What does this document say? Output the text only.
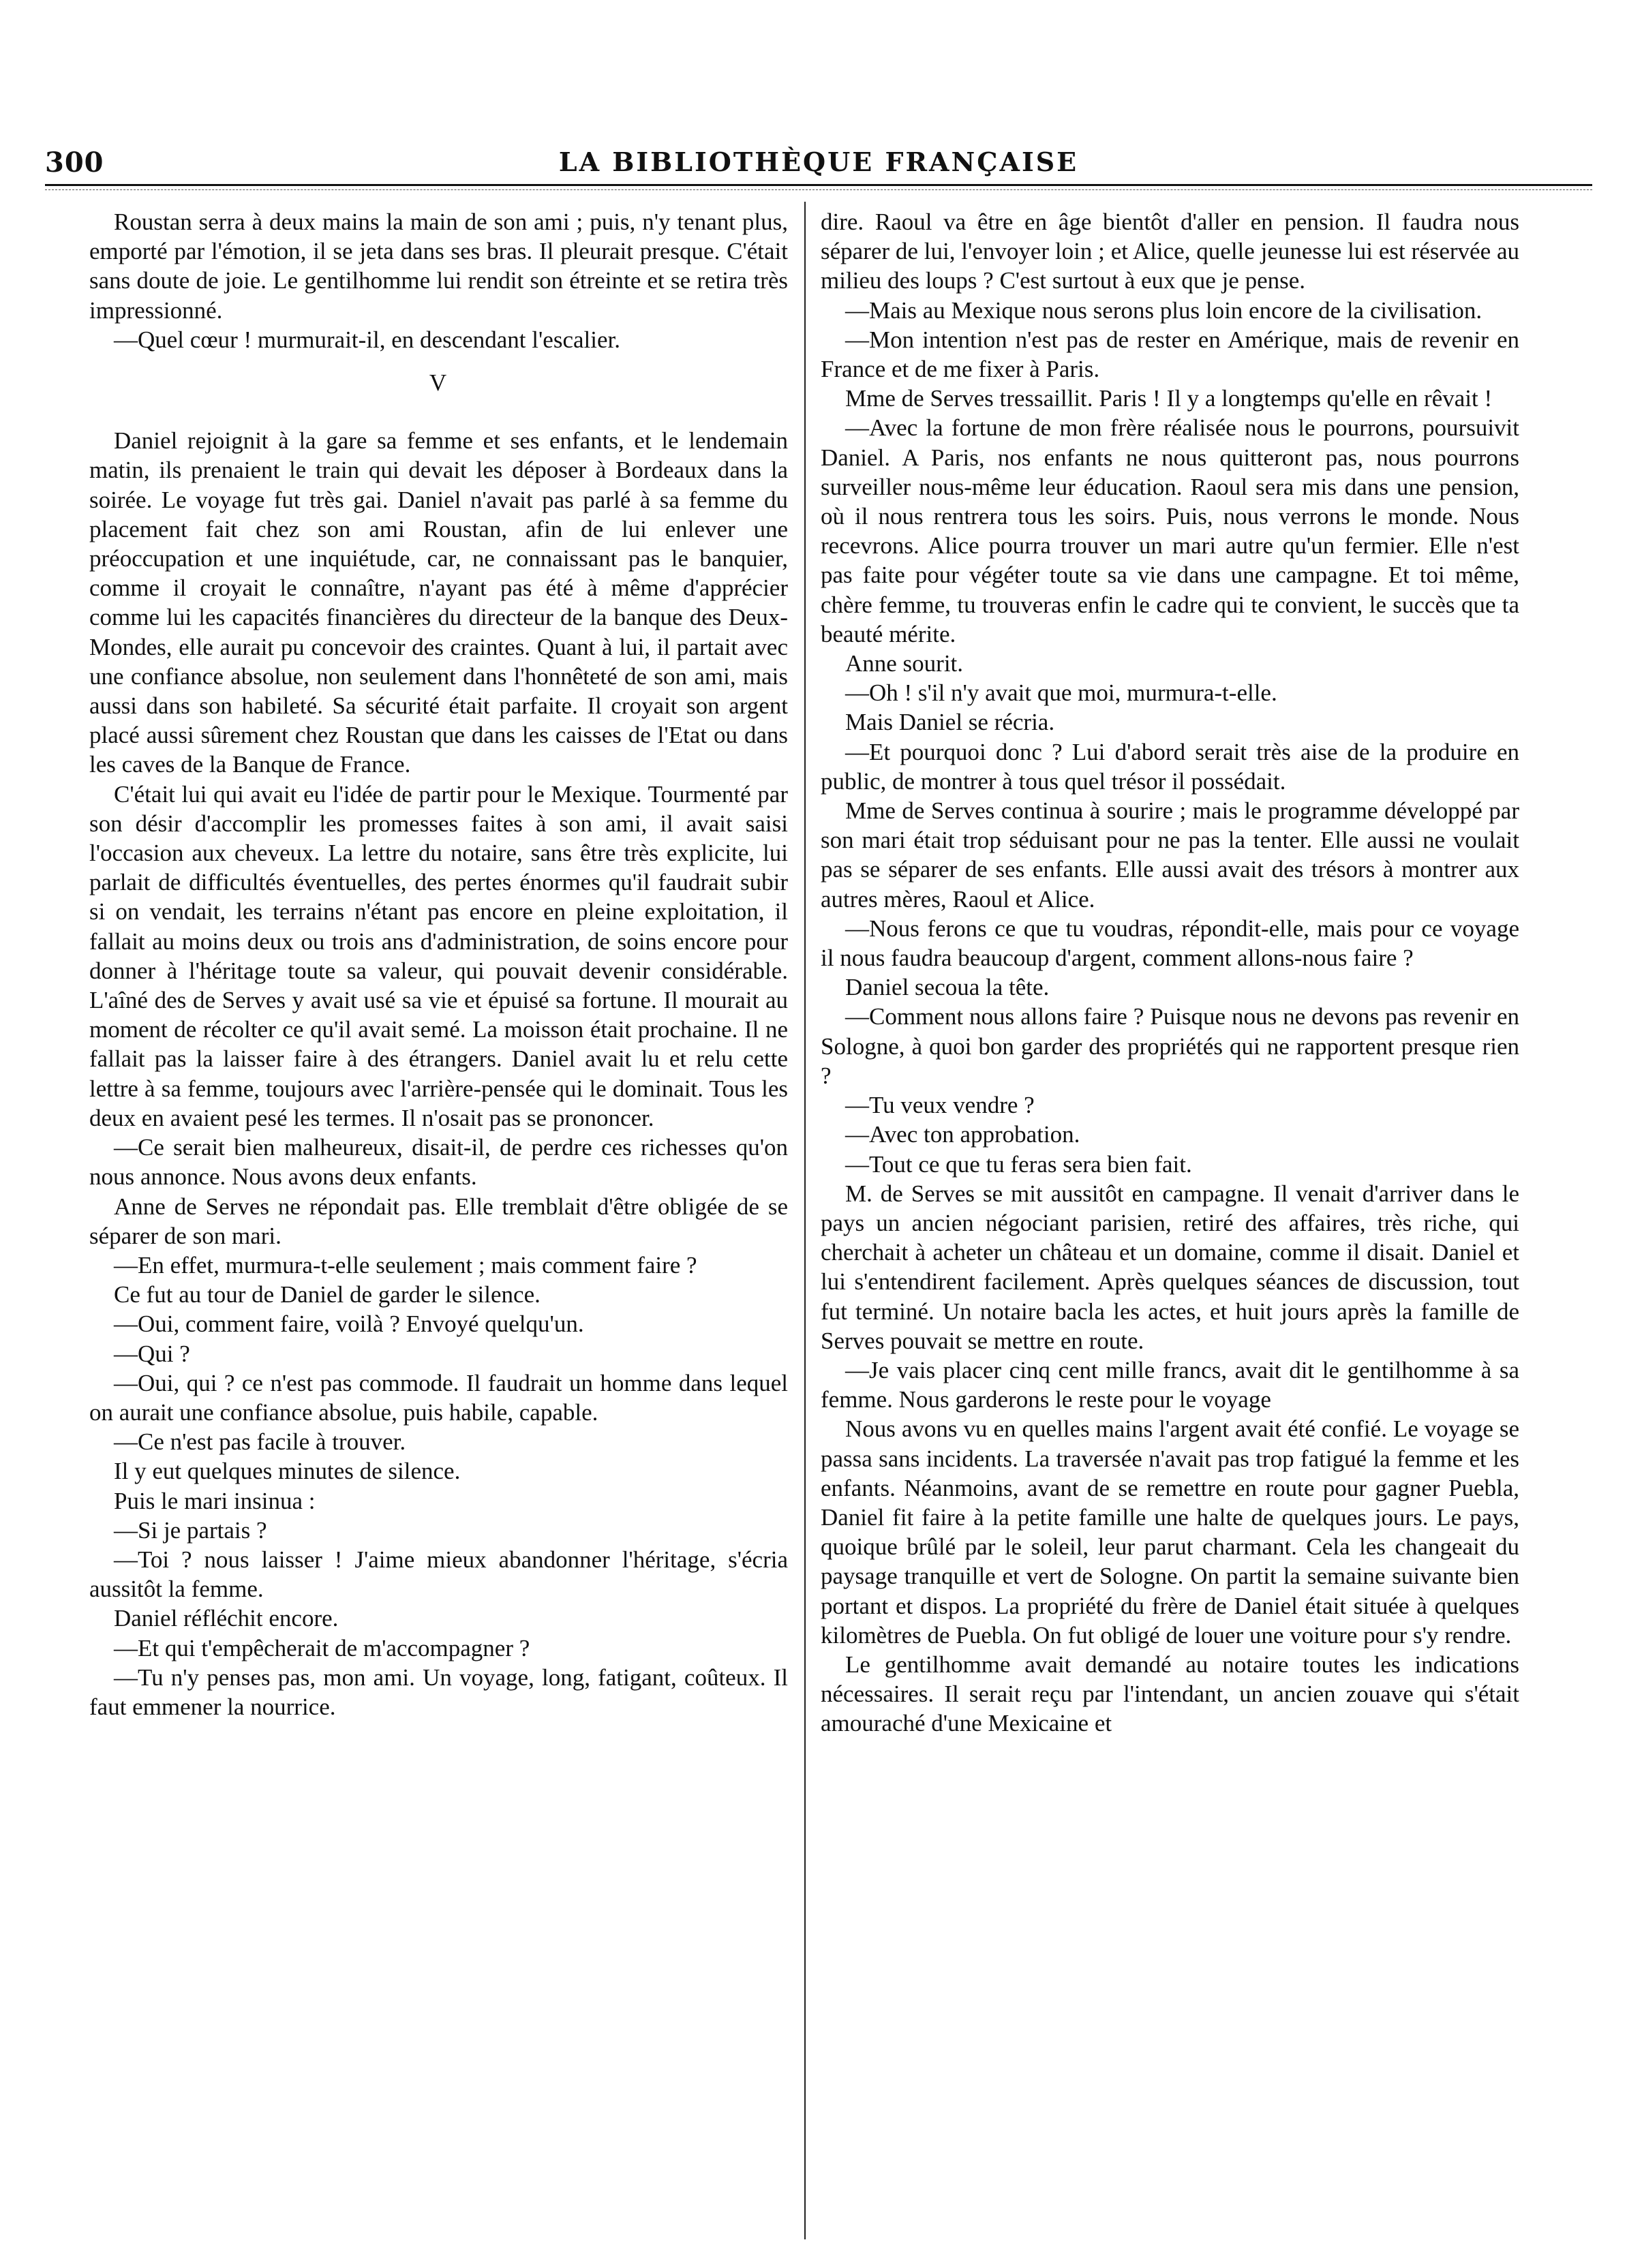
300	LA BIBLIOTHÈQUE FRANÇAISE

Roustan serra à deux mains la main de son ami ; puis, n'y tenant plus, emporté par l'émotion, il se jeta dans ses bras. Il pleurait presque. C'était sans doute de joie. Le gentilhomme lui rendit son étreinte et se retira très impressionné.

—Quel cœur ! murmurait-il, en descendant l'escalier.

V

Daniel rejoignit à la gare sa femme et ses enfants, et le lendemain matin, ils prenaient le train qui devait les déposer à Bordeaux dans la soirée. Le voyage fut très gai. Daniel n'avait pas parlé à sa femme du placement fait chez son ami Roustan, afin de lui enlever une préoccupation et une inquiétude, car, ne connaissant pas le banquier, comme il croyait le connaître, n'ayant pas été à même d'apprécier comme lui les capacités financières du directeur de la banque des Deux-Mondes, elle aurait pu concevoir des craintes. Quant à lui, il partait avec une confiance absolue, non seulement dans l'honnêteté de son ami, mais aussi dans son habileté. Sa sécurité était parfaite. Il croyait son argent placé aussi sûrement chez Roustan que dans les caisses de l'Etat ou dans les caves de la Banque de France.

C'était lui qui avait eu l'idée de partir pour le Mexique. Tourmenté par son désir d'accomplir les promesses faites à son ami, il avait saisi l'occasion aux cheveux. La lettre du notaire, sans être très explicite, lui parlait de difficultés éventuelles, des pertes énormes qu'il faudrait subir si on vendait, les terrains n'étant pas encore en pleine exploitation, il fallait au moins deux ou trois ans d'administration, de soins encore pour donner à l'héritage toute sa valeur, qui pouvait devenir considérable. L'aîné des de Serves y avait usé sa vie et épuisé sa fortune. Il mourait au moment de récolter ce qu'il avait semé. La moisson était prochaine. Il ne fallait pas la laisser faire à des étrangers. Daniel avait lu et relu cette lettre à sa femme, toujours avec l'arrière-pensée qui le dominait. Tous les deux en avaient pesé les termes. Il n'osait pas se prononcer.

—Ce serait bien malheureux, disait-il, de perdre ces richesses qu'on nous annonce. Nous avons deux enfants.

Anne de Serves ne répondait pas. Elle tremblait d'être obligée de se séparer de son mari.

—En effet, murmura-t-elle seulement ; mais comment faire ?

Ce fut au tour de Daniel de garder le silence.

—Oui, comment faire, voilà ? Envoyé quelqu'un.

—Qui ?

—Oui, qui ? ce n'est pas commode. Il faudrait un homme dans lequel on aurait une confiance absolue, puis habile, capable.

—Ce n'est pas facile à trouver.

Il y eut quelques minutes de silence.

Puis le mari insinua :

—Si je partais ?

—Toi ? nous laisser ! J'aime mieux abandonner l'héritage, s'écria aussitôt la femme.

Daniel réfléchit encore.

—Et qui t'empêcherait de m'accompagner ?

—Tu n'y penses pas, mon ami. Un voyage, long, fatigant, coûteux. Il faut emmener la nourrice.

dire. Raoul va être en âge bientôt d'aller en pension. Il faudra nous séparer de lui, l'envoyer loin ; et Alice, quelle jeunesse lui est réservée au milieu des loups ? C'est surtout à eux que je pense.

—Mais au Mexique nous serons plus loin encore de la civilisation.

—Mon intention n'est pas de rester en Amérique, mais de revenir en France et de me fixer à Paris.

Mme de Serves tressaillit. Paris ! Il y a longtemps qu'elle en rêvait !

—Avec la fortune de mon frère réalisée nous le pourrons, poursuivit Daniel. A Paris, nos enfants ne nous quitteront pas, nous pourrons surveiller nous-même leur éducation. Raoul sera mis dans une pension, où il nous rentrera tous les soirs. Puis, nous verrons le monde. Nous recevrons. Alice pourra trouver un mari autre qu'un fermier. Elle n'est pas faite pour végéter toute sa vie dans une campagne. Et toi même, chère femme, tu trouveras enfin le cadre qui te convient, le succès que ta beauté mérite.

Anne sourit.

—Oh ! s'il n'y avait que moi, murmura-t-elle.

Mais Daniel se récria.

—Et pourquoi donc ? Lui d'abord serait très aise de la produire en public, de montrer à tous quel trésor il possédait.

Mme de Serves continua à sourire ; mais le programme développé par son mari était trop séduisant pour ne pas la tenter. Elle aussi ne voulait pas se séparer de ses enfants. Elle aussi avait des trésors à montrer aux autres mères, Raoul et Alice.

—Nous ferons ce que tu voudras, répondit-elle, mais pour ce voyage il nous faudra beaucoup d'argent, comment allons-nous faire ?

Daniel secoua la tête.

—Comment nous allons faire ? Puisque nous ne devons pas revenir en Sologne, à quoi bon garder des propriétés qui ne rapportent presque rien ?

—Tu veux vendre ?

—Avec ton approbation.

—Tout ce que tu feras sera bien fait.

M. de Serves se mit aussitôt en campagne. Il venait d'arriver dans le pays un ancien négociant parisien, retiré des affaires, très riche, qui cherchait à acheter un château et un domaine, comme il disait. Daniel et lui s'entendirent facilement. Après quelques séances de discussion, tout fut terminé. Un notaire bacla les actes, et huit jours après la famille de Serves pouvait se mettre en route.

—Je vais placer cinq cent mille francs, avait dit le gentilhomme à sa femme. Nous garderons le reste pour le voyage

Nous avons vu en quelles mains l'argent avait été confié. Le voyage se passa sans incidents. La traversée n'avait pas trop fatigué la femme et les enfants. Néanmoins, avant de se remettre en route pour gagner Puebla, Daniel fit faire à la petite famille une halte de quelques jours. Le pays, quoique brûlé par le soleil, leur parut charmant. Cela les changeait du paysage tranquille et vert de Sologne. On partit la semaine suivante bien portant et dispos. La propriété du frère de Daniel était située à quelques kilomètres de Puebla. On fut obligé de louer une voiture pour s'y rendre.

Le gentilhomme avait demandé au notaire toutes les indications nécessaires. Il serait reçu par l'intendant, un ancien zouave qui s'était amouraché d'une Mexicaine et
